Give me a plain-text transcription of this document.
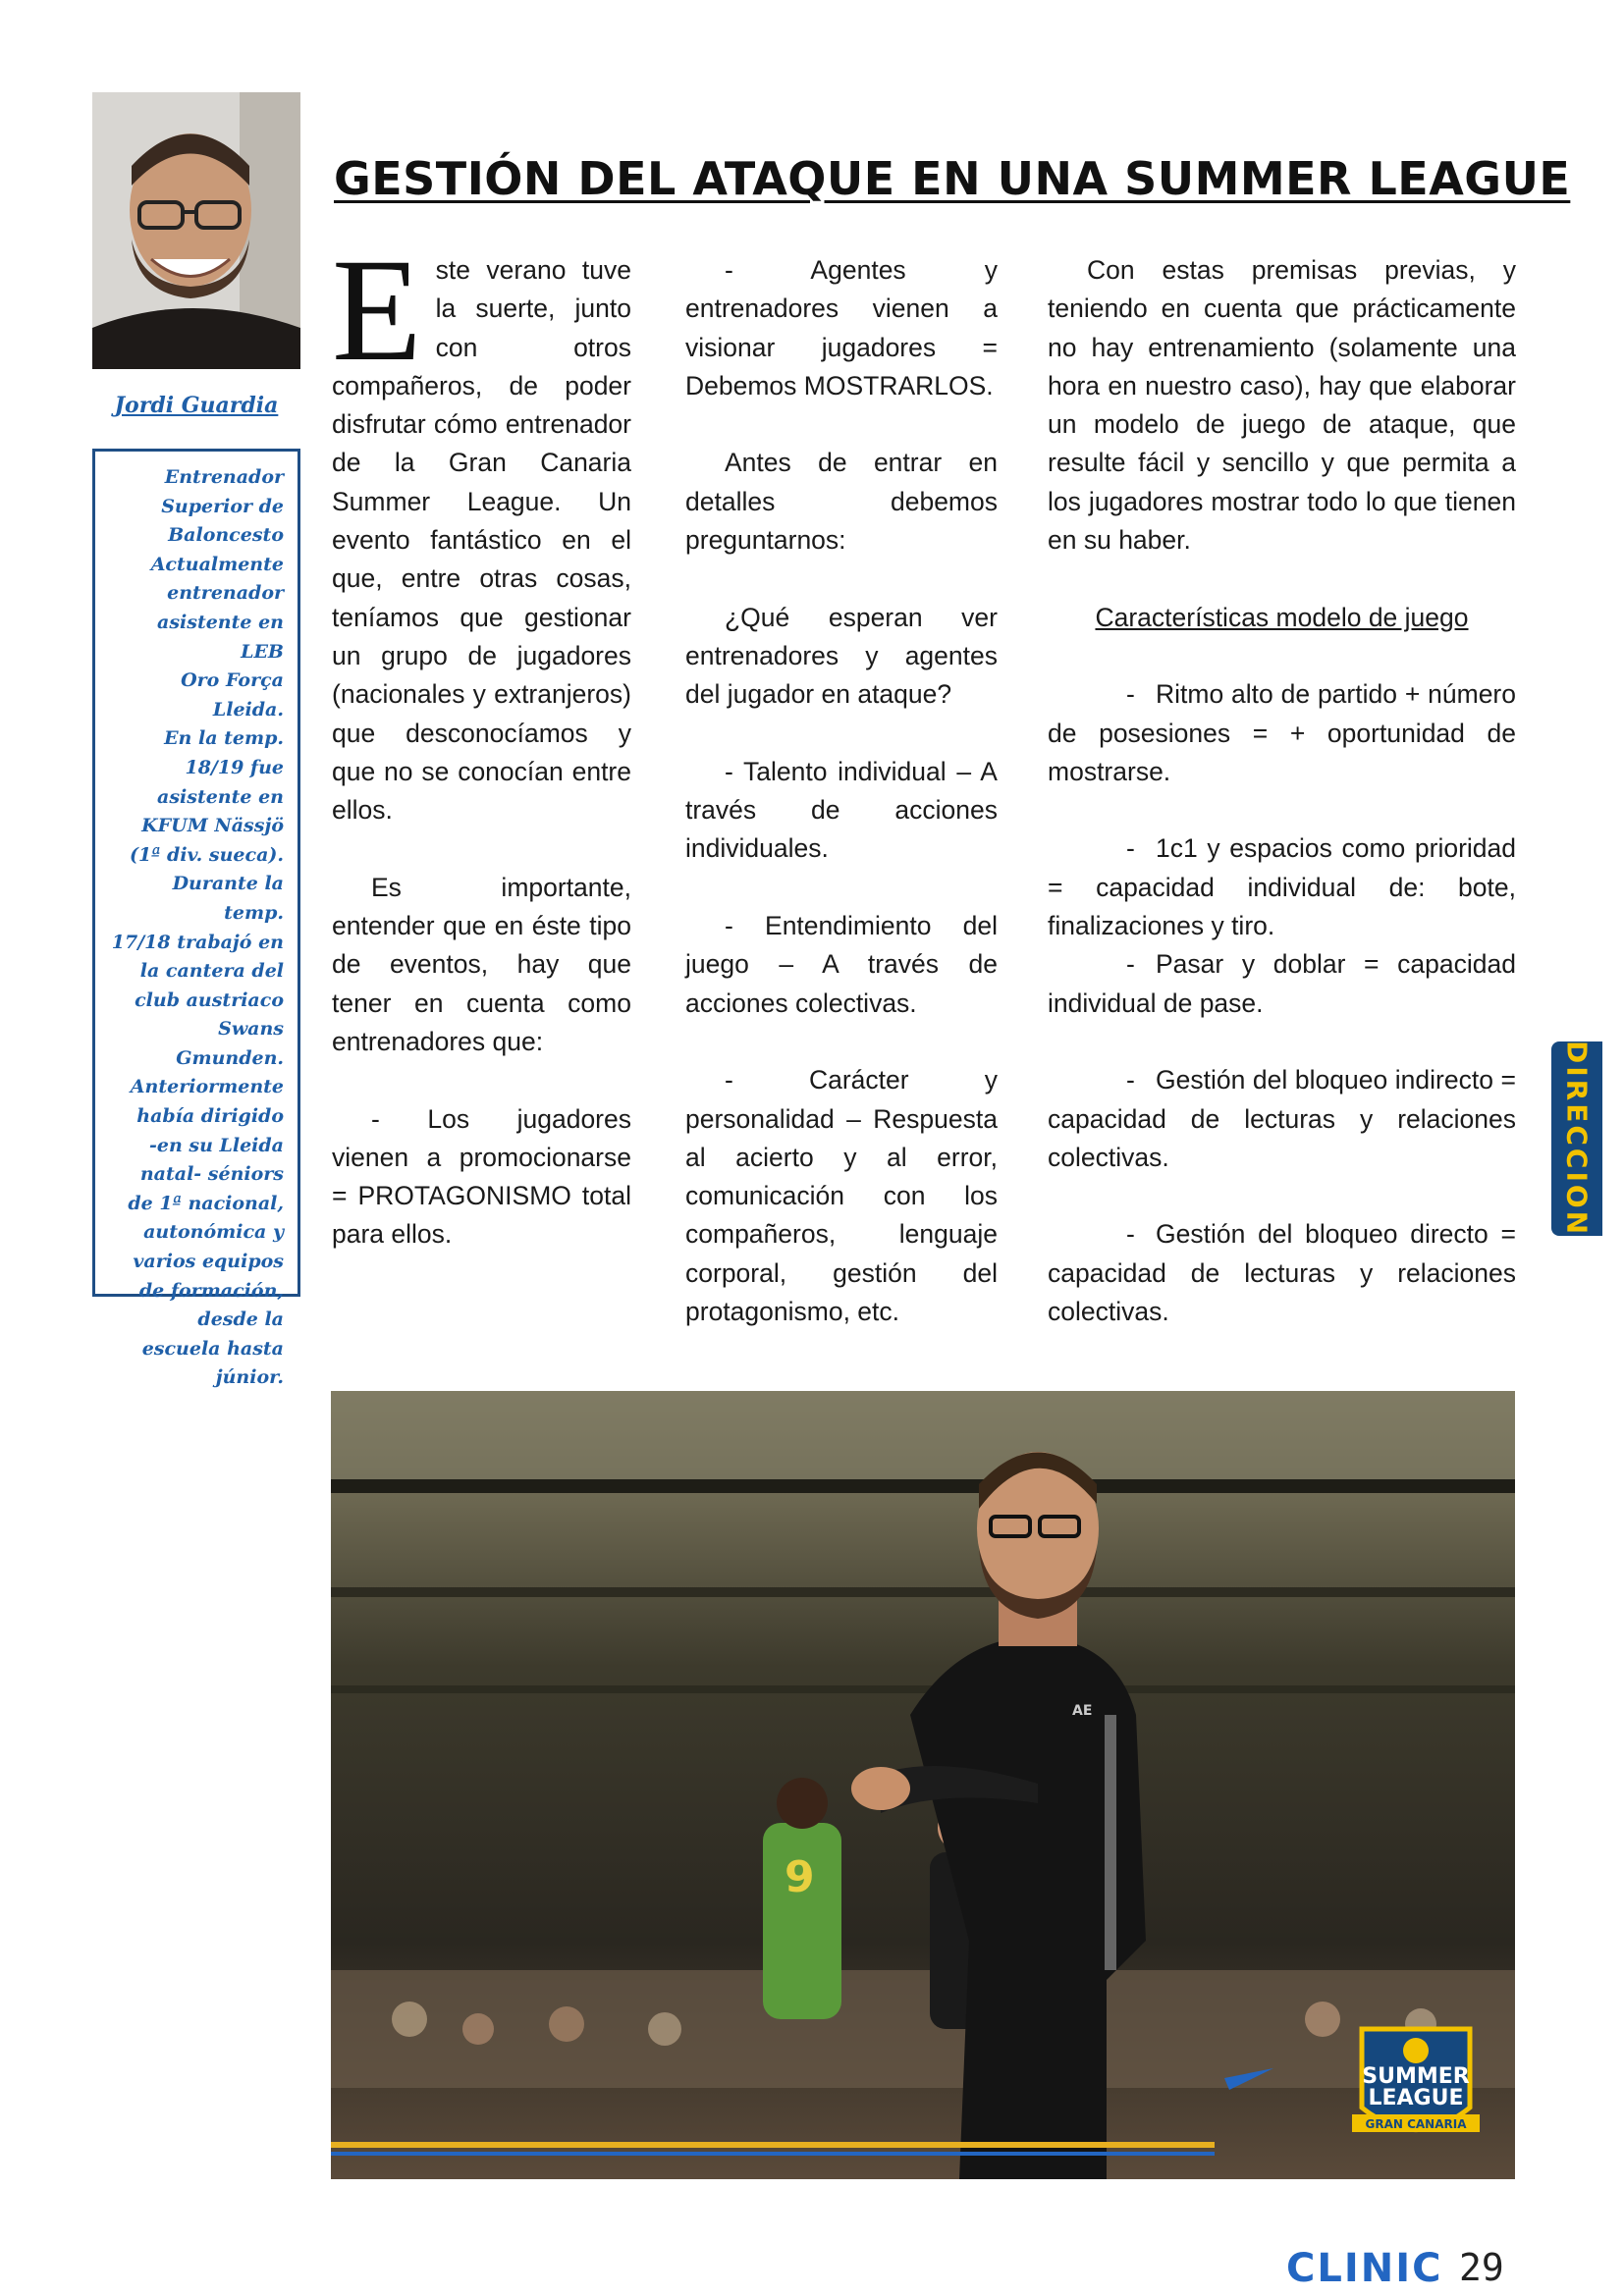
Jordi Guardia
Entrenador
Superior de
Baloncesto
Actualmente
entrenador
asistente en LEB
Oro Força Lleida.
En la temp.
18/19 fue
asistente en
KFUM Nässjö
(1ª div. sueca).
Durante la temp.
17/18 trabajó en
la cantera del
club austriaco
Swans Gmunden.
Anteriormente
había dirigido
-en su Lleida
natal- séniors
de 1ª nacional,
autonómica y
varios equipos
de formación,
desde la
escuela hasta
júnior.
GESTIÓN DEL ATAQUE EN UNA SUMMER LEAGUE

Este verano tuve la suerte, junto con otros compañeros, de poder disfrutar cómo entrenador de la Gran Canaria Summer League. Un evento fantástico en el que, entre otras cosas, teníamos que gestionar un grupo de jugadores (nacionales y extranjeros) que desconocíamos y que no se conocían entre ellos.

Es importante, entender que en éste tipo de eventos, hay que tener en cuenta como entrenadores que:

- Los jugadores vienen a promocionarse = PROTAGONISMO total para ellos.

- Agentes y entrenadores vienen a visionar jugadores = Debemos MOSTRARLOS.

Antes de entrar en detalles debemos preguntarnos:

¿Qué esperan ver entrenadores y agentes del jugador en ataque?

- Talento individual – A través de acciones individuales.

- Entendimiento del juego – A través de acciones colectivas.

- Carácter y personalidad – Respuesta al acierto y al error, comunicación con los compañeros, lenguaje corporal, gestión del protagonismo, etc.

Con estas premisas previas, y teniendo en cuenta que prácticamente no hay entrenamiento (solamente una hora en nuestro caso), hay que elaborar un modelo de juego de ataque, que resulte fácil y sencillo y que permita a los jugadores mostrar todo lo que tienen en su haber.

Características modelo de juego

- Ritmo alto de partido + número de posesiones = + oportunidad de mostrarse.

- 1c1 y espacios como prioridad = capacidad individual de: bote, finalizaciones y tiro.

- Pasar y doblar = capacidad individual de pase.

- Gestión del bloqueo indirecto = capacidad de lecturas y relaciones colectivas.

- Gestión del bloqueo directo = capacidad de lecturas y relaciones colectivas.

DIRECCION
9
AE
SUMMER
LEAGUE
GRAN CANARIA
CLINIC 29
